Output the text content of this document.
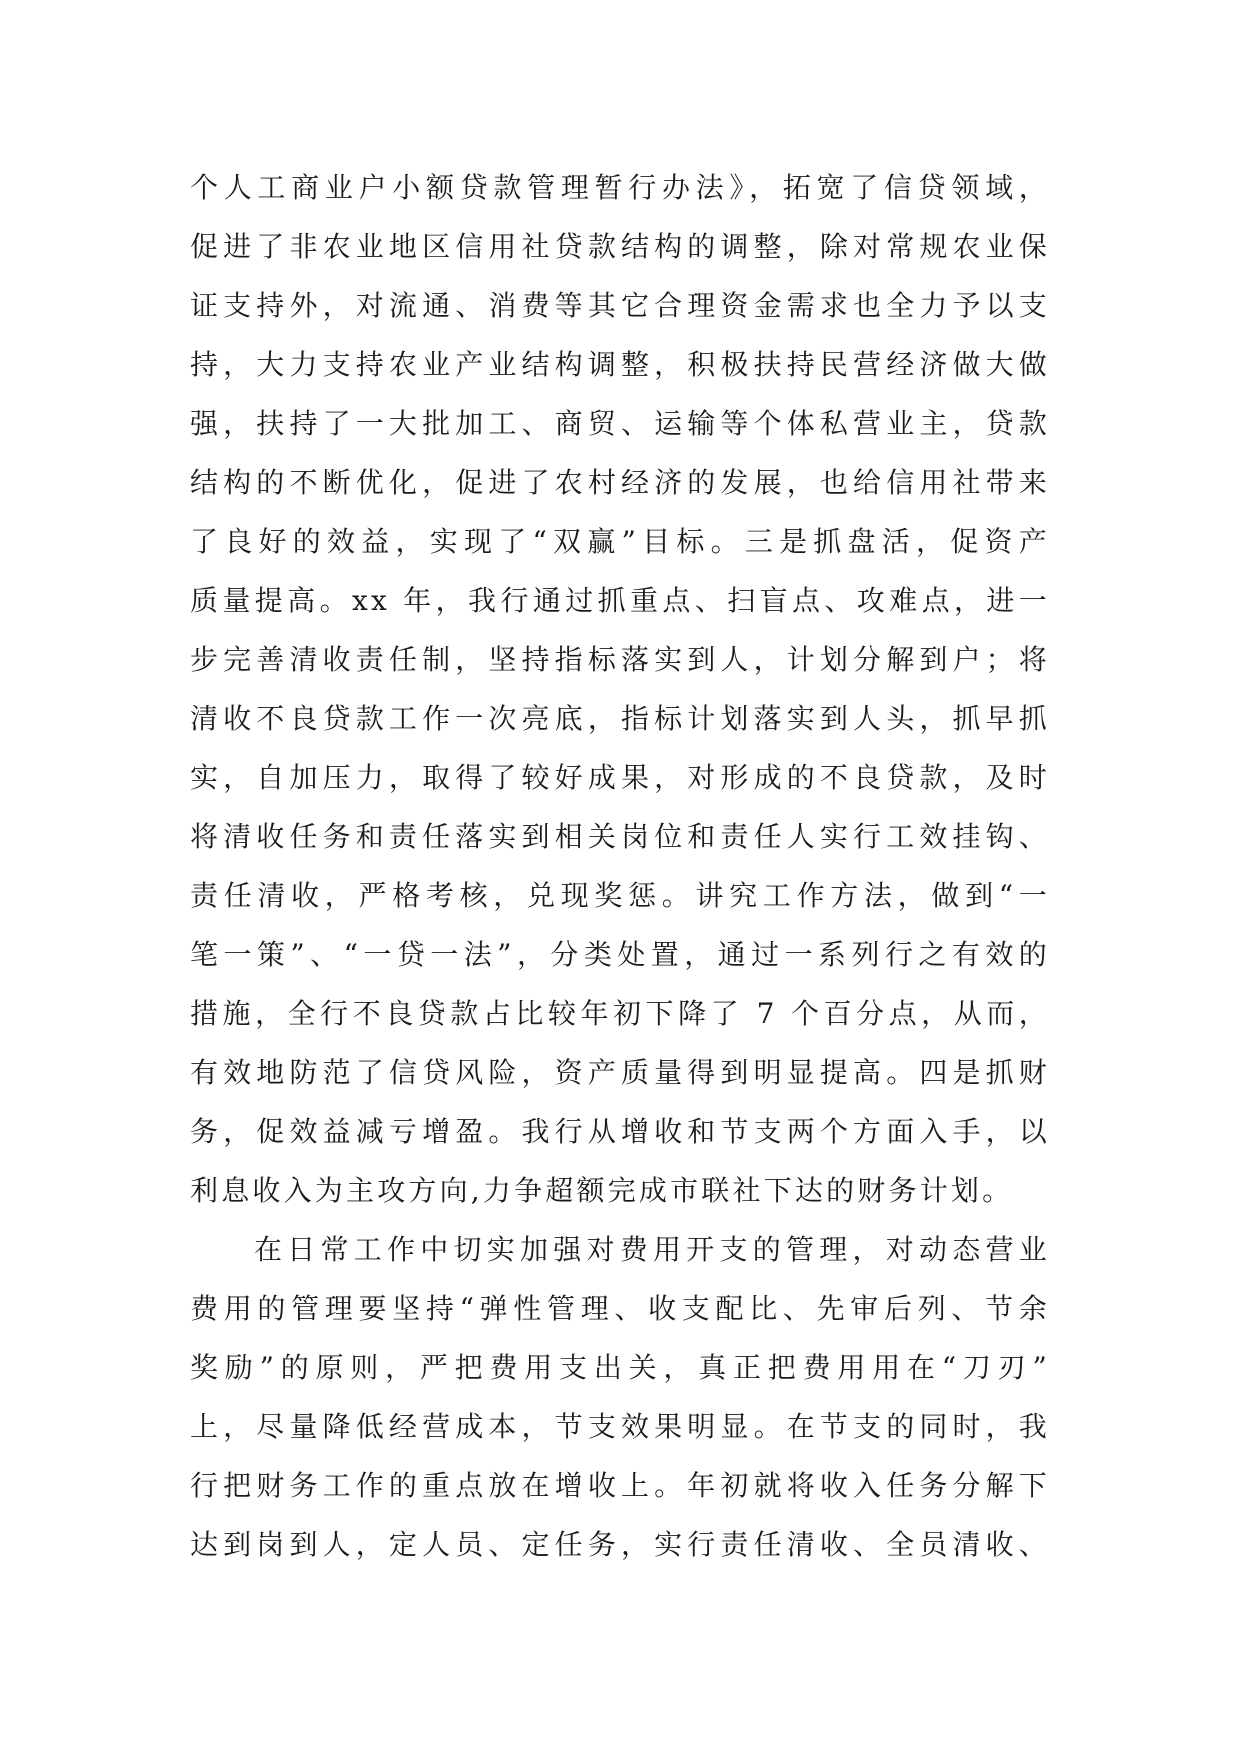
个人工商业户小额贷款管理暂行办法》，拓宽了信贷领域，
促进了非农业地区信用社贷款结构的调整，除对常规农业保
证支持外，对流通、消费等其它合理资金需求也全力予以支
持，大力支持农业产业结构调整，积极扶持民营经济做大做
强，扶持了一大批加工、商贸、运输等个体私营业主，贷款
结构的不断优化，促进了农村经济的发展，也给信用社带来
了良好的效益，实现了“双赢”目标。三是抓盘活，促资产
质量提高。xx 年，我行通过抓重点、扫盲点、攻难点，进一
步完善清收责任制，坚持指标落实到人，计划分解到户；将
清收不良贷款工作一次亮底，指标计划落实到人头，抓早抓
实，自加压力，取得了较好成果，对形成的不良贷款，及时
将清收任务和责任落实到相关岗位和责任人实行工效挂钩、
责任清收，严格考核，兑现奖惩。讲究工作方法，做到“一
笔一策”、“一贷一法”，分类处置，通过一系列行之有效的
措施，全行不良贷款占比较年初下降了 7 个百分点，从而，
有效地防范了信贷风险，资产质量得到明显提高。四是抓财
务，促效益减亏增盈。我行从增收和节支两个方面入手，以
利息收入为主攻方向,力争超额完成市联社下达的财务计划。
在日常工作中切实加强对费用开支的管理，对动态营业
费用的管理要坚持“弹性管理、收支配比、先审后列、节余
奖励”的原则，严把费用支出关，真正把费用用在“刀刃”
上，尽量降低经营成本，节支效果明显。在节支的同时，我
行把财务工作的重点放在增收上。年初就将收入任务分解下
达到岗到人，定人员、定任务，实行责任清收、全员清收、
